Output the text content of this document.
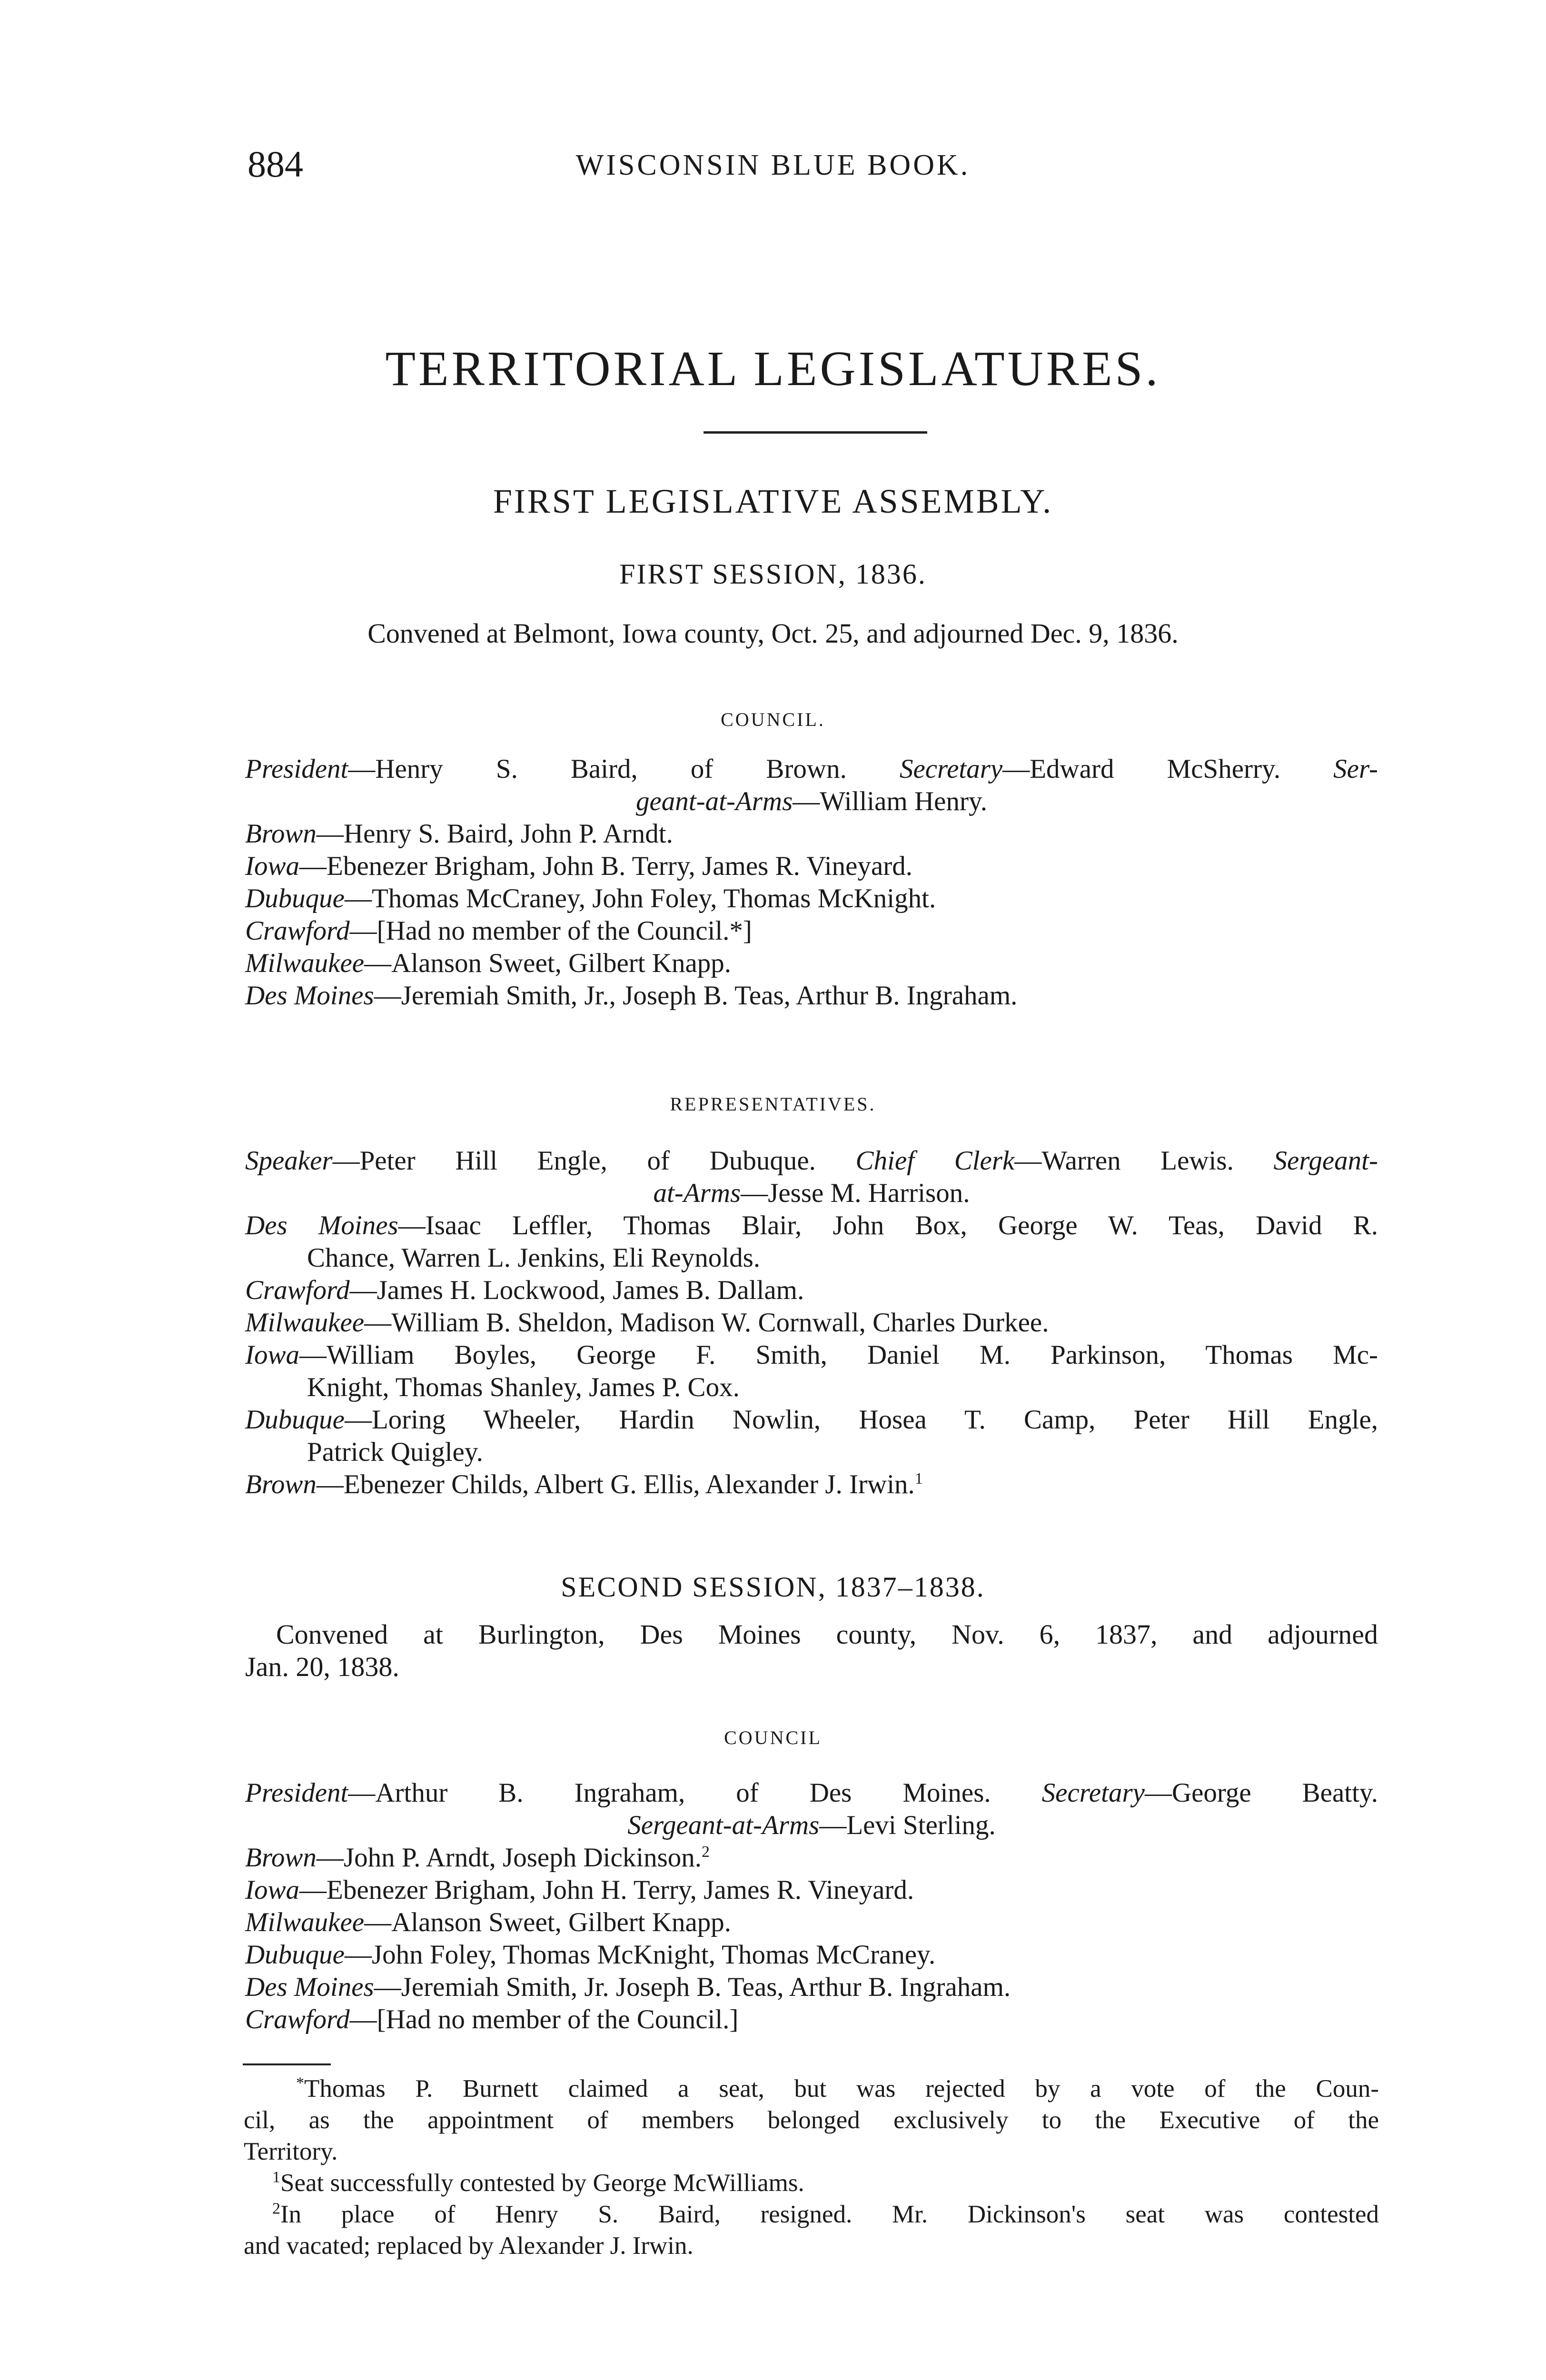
884	WISCONSIN BLUE BOOK.
TERRITORIAL LEGISLATURES.
FIRST LEGISLATIVE ASSEMBLY.
FIRST SESSION, 1836.
Convened at Belmont, Iowa county, Oct. 25, and adjourned Dec. 9, 1836.
COUNCIL.
President—Henry S. Baird, of Brown. Secretary—Edward McSherry. Ser-
geant-at-Arms—William Henry.
Brown—Henry S. Baird, John P. Arndt.
Iowa—Ebenezer Brigham, John B. Terry, James R. Vineyard.
Dubuque—Thomas McCraney, John Foley, Thomas McKnight.
Crawford—[Had no member of the Council.*]
Milwaukee—Alanson Sweet, Gilbert Knapp.
Des Moines—Jeremiah Smith, Jr., Joseph B. Teas, Arthur B. Ingraham.
REPRESENTATIVES.
Speaker—Peter Hill Engle, of Dubuque. Chief Clerk—Warren Lewis. Sergeant-
at-Arms—Jesse M. Harrison.
Des Moines—Isaac Leffler, Thomas Blair, John Box, George W. Teas, David R.
Chance, Warren L. Jenkins, Eli Reynolds.
Crawford—James H. Lockwood, James B. Dallam.
Milwaukee—William B. Sheldon, Madison W. Cornwall, Charles Durkee.
Iowa—William Boyles, George F. Smith, Daniel M. Parkinson, Thomas Mc-
Knight, Thomas Shanley, James P. Cox.
Dubuque—Loring Wheeler, Hardin Nowlin, Hosea T. Camp, Peter Hill Engle,
Patrick Quigley.
Brown—Ebenezer Childs, Albert G. Ellis, Alexander J. Irwin.$^1$
SECOND SESSION, 1837–1838.
Convened at Burlington, Des Moines county, Nov. 6, 1837, and adjourned
Jan. 20, 1838.
COUNCIL
President—Arthur B. Ingraham, of Des Moines. Secretary—George Beatty.
Sergeant-at-Arms—Levi Sterling.
Brown—John P. Arndt, Joseph Dickinson.$^2$
Iowa—Ebenezer Brigham, John H. Terry, James R. Vineyard.
Milwaukee—Alanson Sweet, Gilbert Knapp.
Dubuque—John Foley, Thomas McKnight, Thomas McCraney.
Des Moines—Jeremiah Smith, Jr. Joseph B. Teas, Arthur B. Ingraham.
Crawford—[Had no member of the Council.]
*Thomas P. Burnett claimed a seat, but was rejected by a vote of the Coun-
cil, as the appointment of members belonged exclusively to the Executive of the
Territory.
$^1$Seat successfully contested by George McWilliams.
$^2$In place of Henry S. Baird, resigned. Mr. Dickinson's seat was contested
and vacated; replaced by Alexander J. Irwin.
